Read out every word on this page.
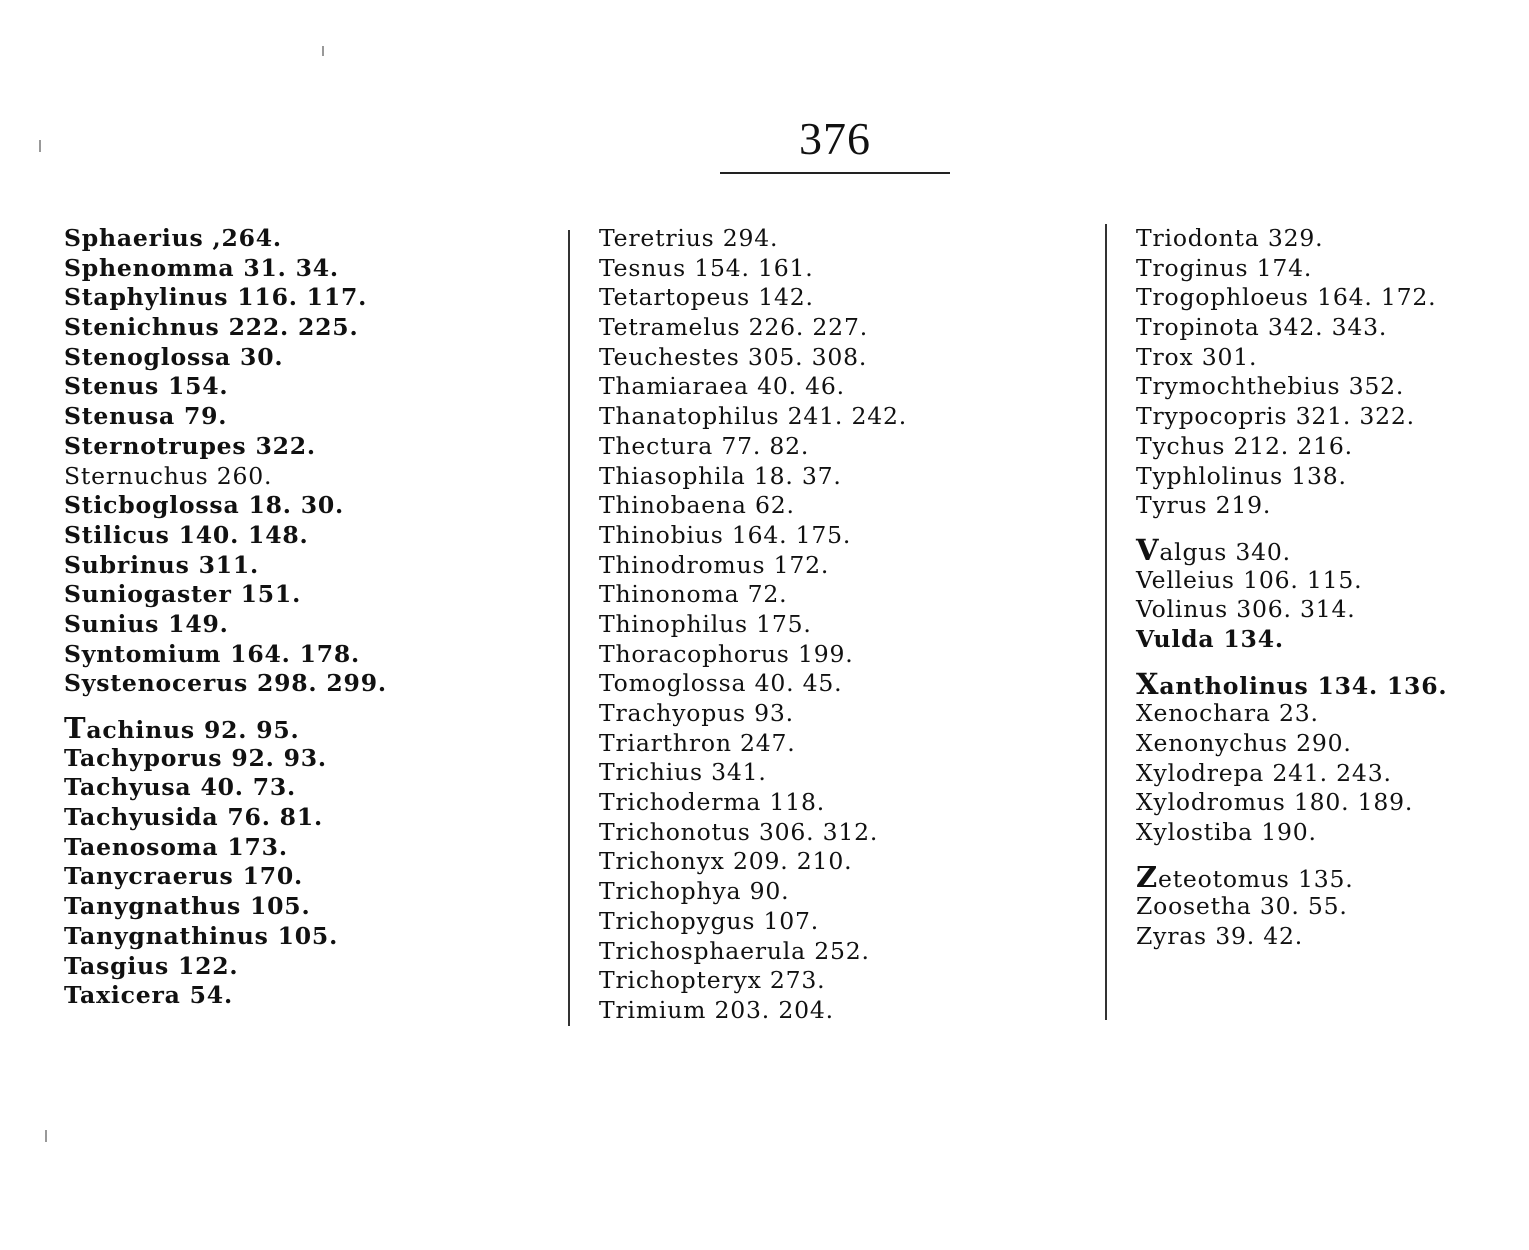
376
Sphaerius ,264.
Sphenomma 31. 34.
Staphylinus 116. 117.
Stenichnus 222. 225.
Stenoglossa 30.
Stenus 154.
Stenusa 79.
Sternotrupes 322.
Sternuchus 260.
Sticboglossa 18. 30.
Stilicus 140. 148.
Subrinus 311.
Suniogaster 151.
Sunius 149.
Syntomium 164. 178.
Systenocerus 298. 299.
Tachinus 92. 95.
Tachyporus 92. 93.
Tachyusa 40. 73.
Tachyusida 76. 81.
Taenosoma 173.
Tanycraerus 170.
Tanygnathus 105.
Tanygnathinus 105.
Tasgius 122.
Taxicera 54.
Teretrius 294.
Tesnus 154. 161.
Tetartopeus 142.
Tetramelus 226. 227.
Teuchestes 305. 308.
Thamiaraea 40. 46.
Thanatophilus 241. 242.
Thectura 77. 82.
Thiasophila 18. 37.
Thinobaena 62.
Thinobius 164. 175.
Thinodromus 172.
Thinonoma 72.
Thinophilus 175.
Thoracophorus 199.
Tomoglossa 40. 45.
Trachyopus 93.
Triarthron 247.
Trichius 341.
Trichoderma 118.
Trichonotus 306. 312.
Trichonyx 209. 210.
Trichophya 90.
Trichopygus 107.
Trichosphaerula 252.
Trichopteryx 273.
Trimium 203. 204.
Triodonta 329.
Troginus 174.
Trogophloeus 164. 172.
Tropinota 342. 343.
Trox 301.
Trymochthebius 352.
Trypocopris 321. 322.
Tychus 212. 216.
Typhlolinus 138.
Tyrus 219.
Valgus 340.
Velleius 106. 115.
Volinus 306. 314.
Vulda 134.
Xantholinus 134. 136.
Xenochara 23.
Xenonychus 290.
Xylodrepa 241. 243.
Xylodromus 180. 189.
Xylostiba 190.
Zeteotomus 135.
Zoosetha 30. 55.
Zyras 39. 42.
